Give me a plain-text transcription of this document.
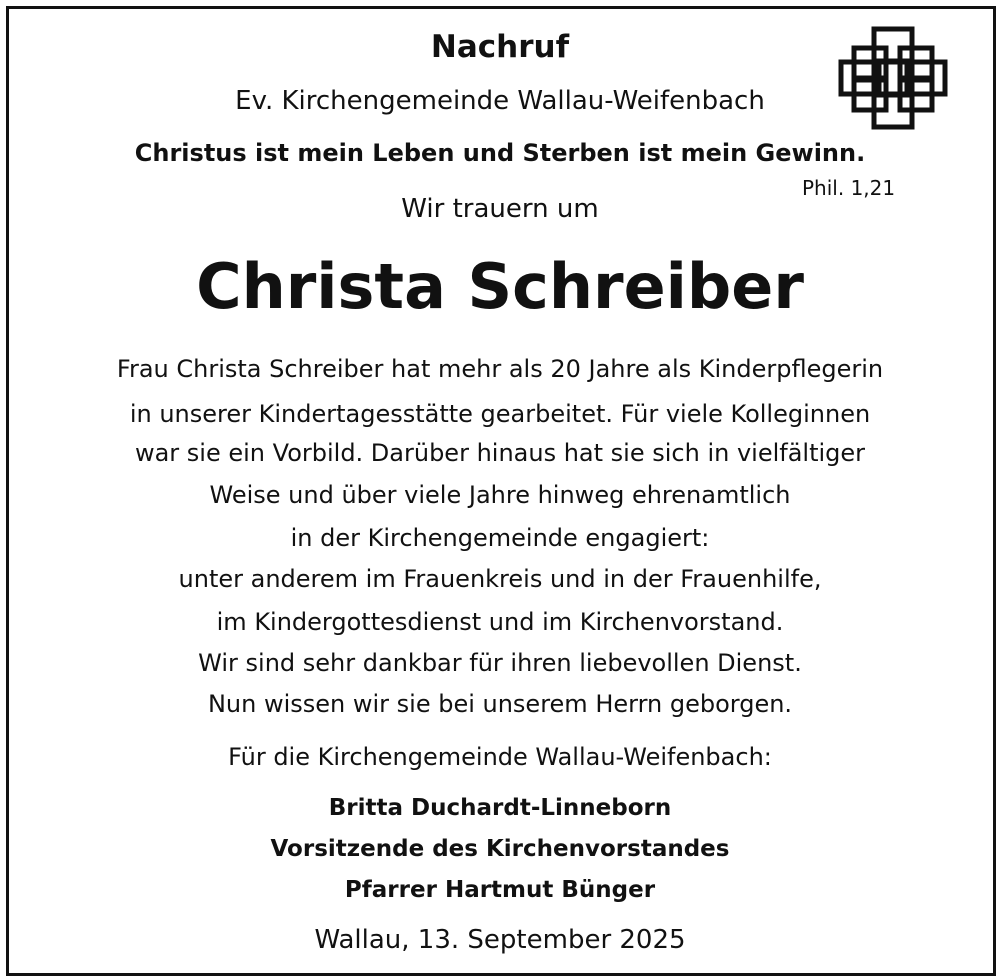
Nachruf
Ev. Kirchengemeinde Wallau-Weifenbach
Christus ist mein Leben und Sterben ist mein Gewinn.
Phil. 1,21
Wir trauern um
Christa Schreiber
Frau Christa Schreiber hat mehr als 20 Jahre als Kinderpflegerin
in unserer Kindertagesstätte gearbeitet. Für viele Kolleginnen
war sie ein Vorbild. Darüber hinaus hat sie sich in vielfältiger
Weise und über viele Jahre hinweg ehrenamtlich
in der Kirchengemeinde engagiert:
unter anderem im Frauenkreis und in der Frauenhilfe,
im Kindergottesdienst und im Kirchenvorstand.
Wir sind sehr dankbar für ihren liebevollen Dienst.
Nun wissen wir sie bei unserem Herrn geborgen.
Für die Kirchengemeinde Wallau-Weifenbach:
Britta Duchardt-Linneborn
Vorsitzende des Kirchenvorstandes
Pfarrer Hartmut Bünger
Wallau, 13. September 2025
